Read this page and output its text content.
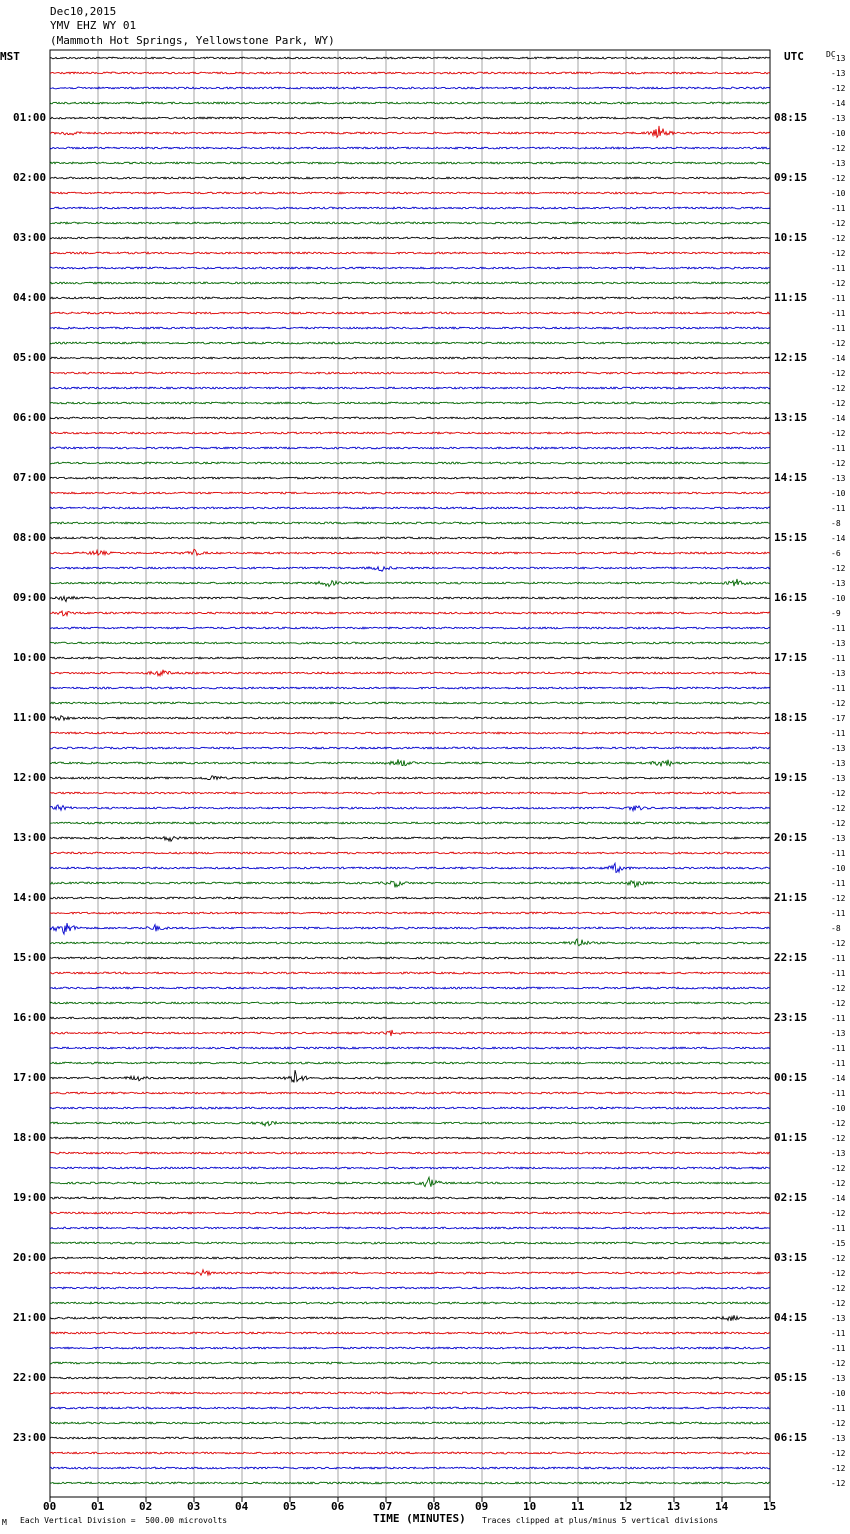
Dec10,2015
YMV EHZ WY 01
(Mammoth Hot Springs, Yellowstone Park, WY)
MST	UTC	DC
00	01	02	03	04	05	06	07	08	09	10	11	12	13	14	15
-13
-13
-12
-14
-13
-10
-12
-13
-12
-10
-11
-12
-12
-12
-11
-12
-11
-11
-11
-12
-14
-12
-12
-12
-14
-12
-11
-12
-13
-10
-11
-8
-14
-6
-12
-13
-10
-9
-11
-13
-11
-13
-11
-12
-17
-11
-13
-13
-13
-12
-12
-12
-13
-11
-10
-11
-12
-11
-8
-12
-11
-11
-12
-12
-11
-13
-11
-11
-14
-11
-10
-12
-12
-13
-12
-12
-14
-12
-11
-15
-12
-12
-12
-12
-13
-11
-11
-12
-13
-10
-11
-12
-13
-12
-12
-12
01:00
02:00
03:00
04:00
05:00
06:00
07:00
08:00
09:00
10:00
11:00
12:00
13:00
14:00
15:00
16:00
17:00
18:00
19:00
20:00
21:00
22:00
23:00
08:15
09:15
10:15
11:15
12:15
13:15
14:15
15:15
16:15
17:15
18:15
19:15
20:15
21:15
22:15
23:15
00:15
01:15
02:15
03:15
04:15
05:15
06:15
TIME (MINUTES)
M Each Vertical Division =  500.00 microvolts	Traces clipped at plus/minus 5 vertical divisions
